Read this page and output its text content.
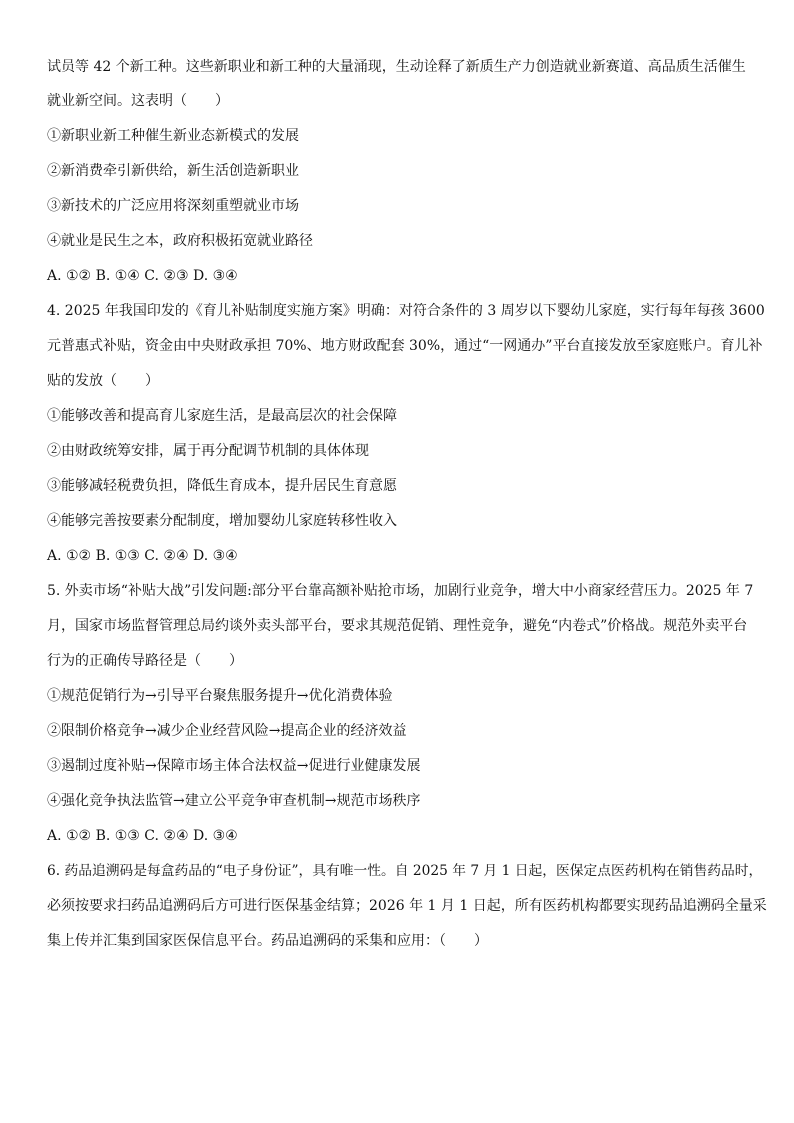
试员等 42 个新工种。这些新职业和新工种的大量涌现，生动诠释了新质生产力创造就业新赛道、高品质生活催生
就业新空间。这表明（　　）
①新职业新工种催生新业态新模式的发展
②新消费牵引新供给，新生活创造新职业
③新技术的广泛应用将深刻重塑就业市场
④就业是民生之本，政府积极拓宽就业路径
A. ①② B. ①④ C. ②③ D. ③④
4. 2025 年我国印发的《育儿补贴制度实施方案》明确：对符合条件的 3 周岁以下婴幼儿家庭，实行每年每孩 3600
元普惠式补贴，资金由中央财政承担 70%、地方财政配套 30%，通过“一网通办”平台直接发放至家庭账户。育儿补
贴的发放（　　）
①能够改善和提高育儿家庭生活，是最高层次的社会保障
②由财政统筹安排，属于再分配调节机制的具体体现
③能够减轻税费负担，降低生育成本，提升居民生育意愿
④能够完善按要素分配制度，增加婴幼儿家庭转移性收入
A. ①② B. ①③ C. ②④ D. ③④
5. 外卖市场“补贴大战”引发问题:部分平台靠高额补贴抢市场，加剧行业竞争，增大中小商家经营压力。2025 年 7
月，国家市场监督管理总局约谈外卖头部平台，要求其规范促销、理性竞争，避免“内卷式”价格战。规范外卖平台
行为的正确传导路径是（　　）
①规范促销行为→引导平台聚焦服务提升→优化消费体验
②限制价格竞争→减少企业经营风险→提高企业的经济效益
③遏制过度补贴→保障市场主体合法权益→促进行业健康发展
④强化竞争执法监管→建立公平竞争审查机制→规范市场秩序
A. ①② B. ①③ C. ②④ D. ③④
6. 药品追溯码是每盒药品的“电子身份证”，具有唯一性。自 2025 年 7 月 1 日起，医保定点医药机构在销售药品时，
必须按要求扫药品追溯码后方可进行医保基金结算；2026 年 1 月 1 日起，所有医药机构都要实现药品追溯码全量采
集上传并汇集到国家医保信息平台。药品追溯码的采集和应用：（　　）
